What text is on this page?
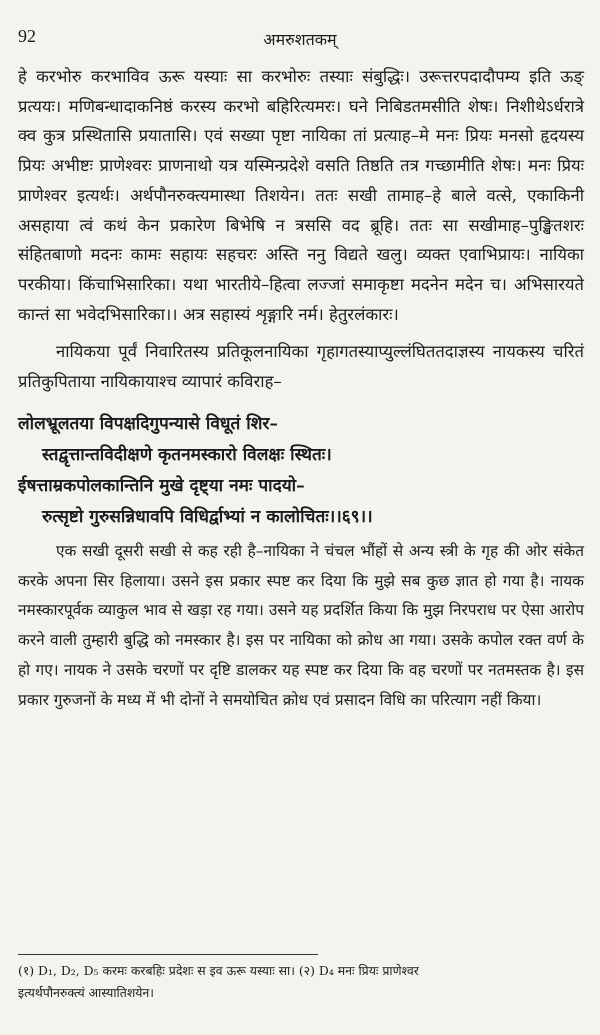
92	अमरुशतकम्

हे करभोरु करभाविव ऊरू यस्याः सा करभोरुः तस्याः संबुद्धिः। उरूत्तरपदादौपम्य इति ऊङ् प्रत्ययः। मणिबन्धादाकनिष्ठं करस्य करभो बहिरित्यमरः। घने निबिडतमसीति शेषः। निशीथेऽर्धरात्रे क्व कुत्र प्रस्थितासि प्रयातासि। एवं सख्या पृष्टा नायिका तां प्रत्याह–मे मनः प्रियः मनसो हृदयस्य प्रियः अभीष्टः प्राणेश्वरः प्राणनाथो यत्र यस्मिन्प्रदेशे वसति तिष्ठति तत्र गच्छामीति शेषः। मनः प्रियः प्राणेश्वर इत्यर्थः। अर्थपौनरुक्त्यमास्था तिशयेन। ततः सखी तामाह–हे बाले वत्से, एकाकिनी असहाया त्वं कथं केन प्रकारेण बिभेषि न त्रससि वद ब्रूहि। ततः सा सखीमाह–पुङ्खितशरः संहितबाणो मदनः कामः सहायः सहचरः अस्ति ननु विद्यते खलु। व्यक्त एवाभिप्रायः। नायिका परकीया। किंचाभिसारिका। यथा भारतीये–हित्वा लज्जां समाकृष्टा मदनेन मदेन च। अभिसारयते कान्तं सा भवेदभिसारिका।। अत्र सहास्यं शृङ्गारि नर्म। हेतुरलंकारः।

नायिकया पूर्वं निवारितस्य प्रतिकूलनायिका गृहागतस्याप्युल्लंघिततदाज्ञस्य नायकस्य चरितं प्रतिकुपिताया नायिकायाश्च व्यापारं कविराह–

लोलभ्रूलतया विपक्षदिगुपन्यासे विधूतं शिर–
स्तद्वृत्तान्तविदीक्षणे कृतनमस्कारो विलक्षः स्थितः।
ईषत्ताम्रकपोलकान्तिनि मुखे दृष्ट्या नमः पादयो–
रुत्सृष्टो गुरुसन्निधावपि विधिर्द्वाभ्यां न कालोचितः।।६९।।

एक सखी दूसरी सखी से कह रही है–नायिका ने चंचल भौंहों से अन्य स्त्री के गृह की ओर संकेत करके अपना सिर हिलाया। उसने इस प्रकार स्पष्ट कर दिया कि मुझे सब कुछ ज्ञात हो गया है। नायक नमस्कारपूर्वक व्याकुल भाव से खड़ा रह गया। उसने यह प्रदर्शित किया कि मुझ निरपराध पर ऐसा आरोप करने वाली तुम्हारी बुद्धि को नमस्कार है। इस पर नायिका को क्रोध आ गया। उसके कपोल रक्त वर्ण के हो गए। नायक ने उसके चरणों पर दृष्टि डालकर यह स्पष्ट कर दिया कि वह चरणों पर नतमस्तक है। इस प्रकार गुरुजनों के मध्य में भी दोनों ने समयोचित क्रोध एवं प्रसादन विधि का परित्याग नहीं किया।

(१) D₁, D₂, D₅ करमः करबहिः प्रदेशः स इव ऊरू यस्याः सा। (२) D₄ मनः प्रियः प्राणेश्वर
इत्यर्थपौनरुक्त्यं आस्यातिशयेन।
